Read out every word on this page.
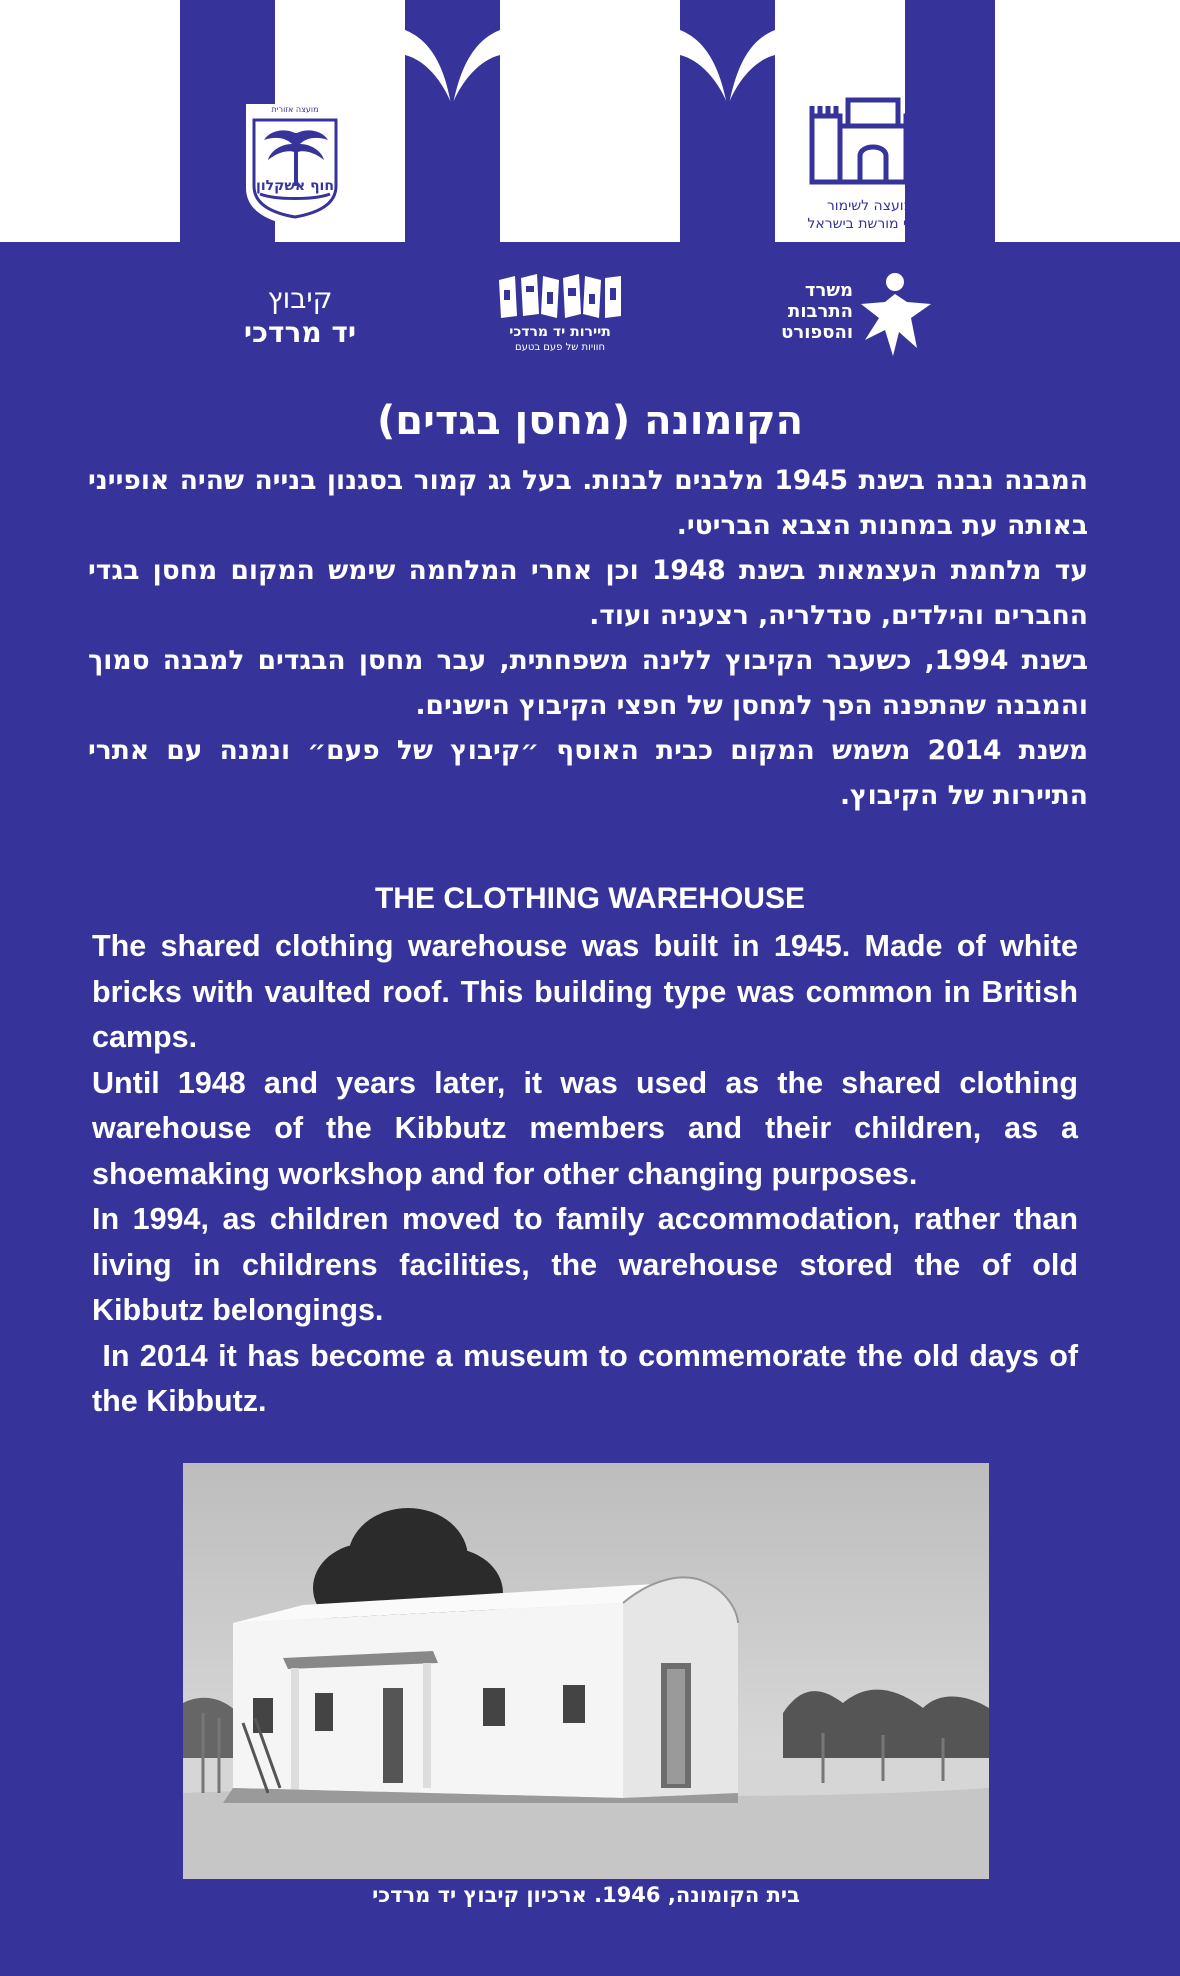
מועצה אזורית
חוף אשקלון
מועצה לשימור
אתרי מורשת בישראל
קיבוץ
יד מרדכי	תיירות יד מרדכי
חוויות של פעם בטעם
משרד
התרבות
והספורט
הקומונה (מחסן בגדים)

המבנה נבנה בשנת 1945 מלבנים לבנות. בעל גג קמור בסגנון בנייה שהיה אופייני באותה עת במחנות הצבא הבריטי.

עד מלחמת העצמאות בשנת 1948 וכן אחרי המלחמה שימש המקום מחסן בגדי החברים והילדים, סנדלריה, רצעניה ועוד.

בשנת 1994, כשעבר הקיבוץ ללינה משפחתית, עבר מחסן הבגדים למבנה סמוך והמבנה שהתפנה הפך למחסן של חפצי הקיבוץ הישנים.

משנת 2014 משמש המקום כבית האוסף ״קיבוץ של פעם״ ונמנה עם אתרי התיירות של הקיבוץ.

THE CLOTHING WAREHOUSE

The shared clothing warehouse was built in 1945. Made of white bricks with vaulted roof. This building type was common in British camps.

Until 1948 and years later, it was used as the shared clothing warehouse of the Kibbutz members and their children, as a shoemaking workshop and for other changing purposes.

In 1994, as children moved to family accommodation, rather than living in childrens facilities, the warehouse stored the of old Kibbutz belongings.

In 2014 it has become a museum to commemorate the old days of the Kibbutz.

בית הקומונה, 1946. ארכיון קיבוץ יד מרדכי
